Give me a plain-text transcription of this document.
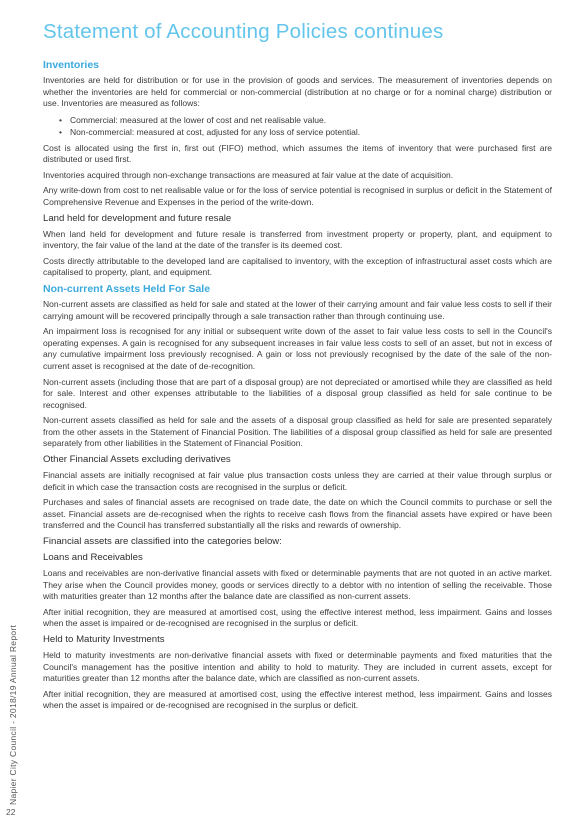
Statement of Accounting Policies continues
Inventories

Inventories are held for distribution or for use in the provision of goods and services. The measurement of inventories depends on whether the inventories are held for commercial or non-commercial (distribution at no charge or for a nominal charge) distribution or use. Inventories are measured as follows:

• Commercial: measured at the lower of cost and net realisable value.
• Non-commercial: measured at cost, adjusted for any loss of service potential.

Cost is allocated using the first in, first out (FIFO) method, which assumes the items of inventory that were purchased first are distributed or used first.

Inventories acquired through non-exchange transactions are measured at fair value at the date of acquisition.

Any write-down from cost to net realisable value or for the loss of service potential is recognised in surplus or deficit in the Statement of Comprehensive Revenue and Expenses in the period of the write-down.

Land held for development and future resale

When land held for development and future resale is transferred from investment property or property, plant, and equipment to inventory, the fair value of the land at the date of the transfer is its deemed cost.

Costs directly attributable to the developed land are capitalised to inventory, with the exception of infrastructural asset costs which are capitalised to property, plant, and equipment.

Non-current Assets Held For Sale

Non-current assets are classified as held for sale and stated at the lower of their carrying amount and fair value less costs to sell if their carrying amount will be recovered principally through a sale transaction rather than through continuing use.

An impairment loss is recognised for any initial or subsequent write down of the asset to fair value less costs to sell in the Council's operating expenses. A gain is recognised for any subsequent increases in fair value less costs to sell of an asset, but not in excess of any cumulative impairment loss previously recognised. A gain or loss not previously recognised by the date of the sale of the non-current asset is recognised at the date of de-recognition.

Non-current assets (including those that are part of a disposal group) are not depreciated or amortised while they are classified as held for sale. Interest and other expenses attributable to the liabilities of a disposal group classified as held for sale continue to be recognised.

Non-current assets classified as held for sale and the assets of a disposal group classified as held for sale are presented separately from the other assets in the Statement of Financial Position. The liabilities of a disposal group classified as held for sale are presented separately from other liabilities in the Statement of Financial Position.

Other Financial Assets excluding derivatives

Financial assets are initially recognised at fair value plus transaction costs unless they are carried at their value through surplus or deficit in which case the transaction costs are recognised in the surplus or deficit.

Purchases and sales of financial assets are recognised on trade date, the date on which the Council commits to purchase or sell the asset. Financial assets are de-recognised when the rights to receive cash flows from the financial assets have expired or have been transferred and the Council has transferred substantially all the risks and rewards of ownership.

Financial assets are classified into the categories below:
Loans and Receivables

Loans and receivables are non-derivative financial assets with fixed or determinable payments that are not quoted in an active market. They arise when the Council provides money, goods or services directly to a debtor with no intention of selling the receivable. Those with maturities greater than 12 months after the balance date are classified as non-current assets.

After initial recognition, they are measured at amortised cost, using the effective interest method, less impairment. Gains and losses when the asset is impaired or de-recognised are recognised in the surplus or deficit.

Held to Maturity Investments

Held to maturity investments are non-derivative financial assets with fixed or determinable payments and fixed maturities that the Council's management has the positive intention and ability to hold to maturity. They are included in current assets, except for maturities greater than 12 months after the balance date, which are classified as non-current assets.

After initial recognition, they are measured at amortised cost, using the effective interest method, less impairment. Gains and losses when the asset is impaired or de-recognised are recognised in the surplus or deficit.

Napier City Council - 2018/19 Annual Report
22
